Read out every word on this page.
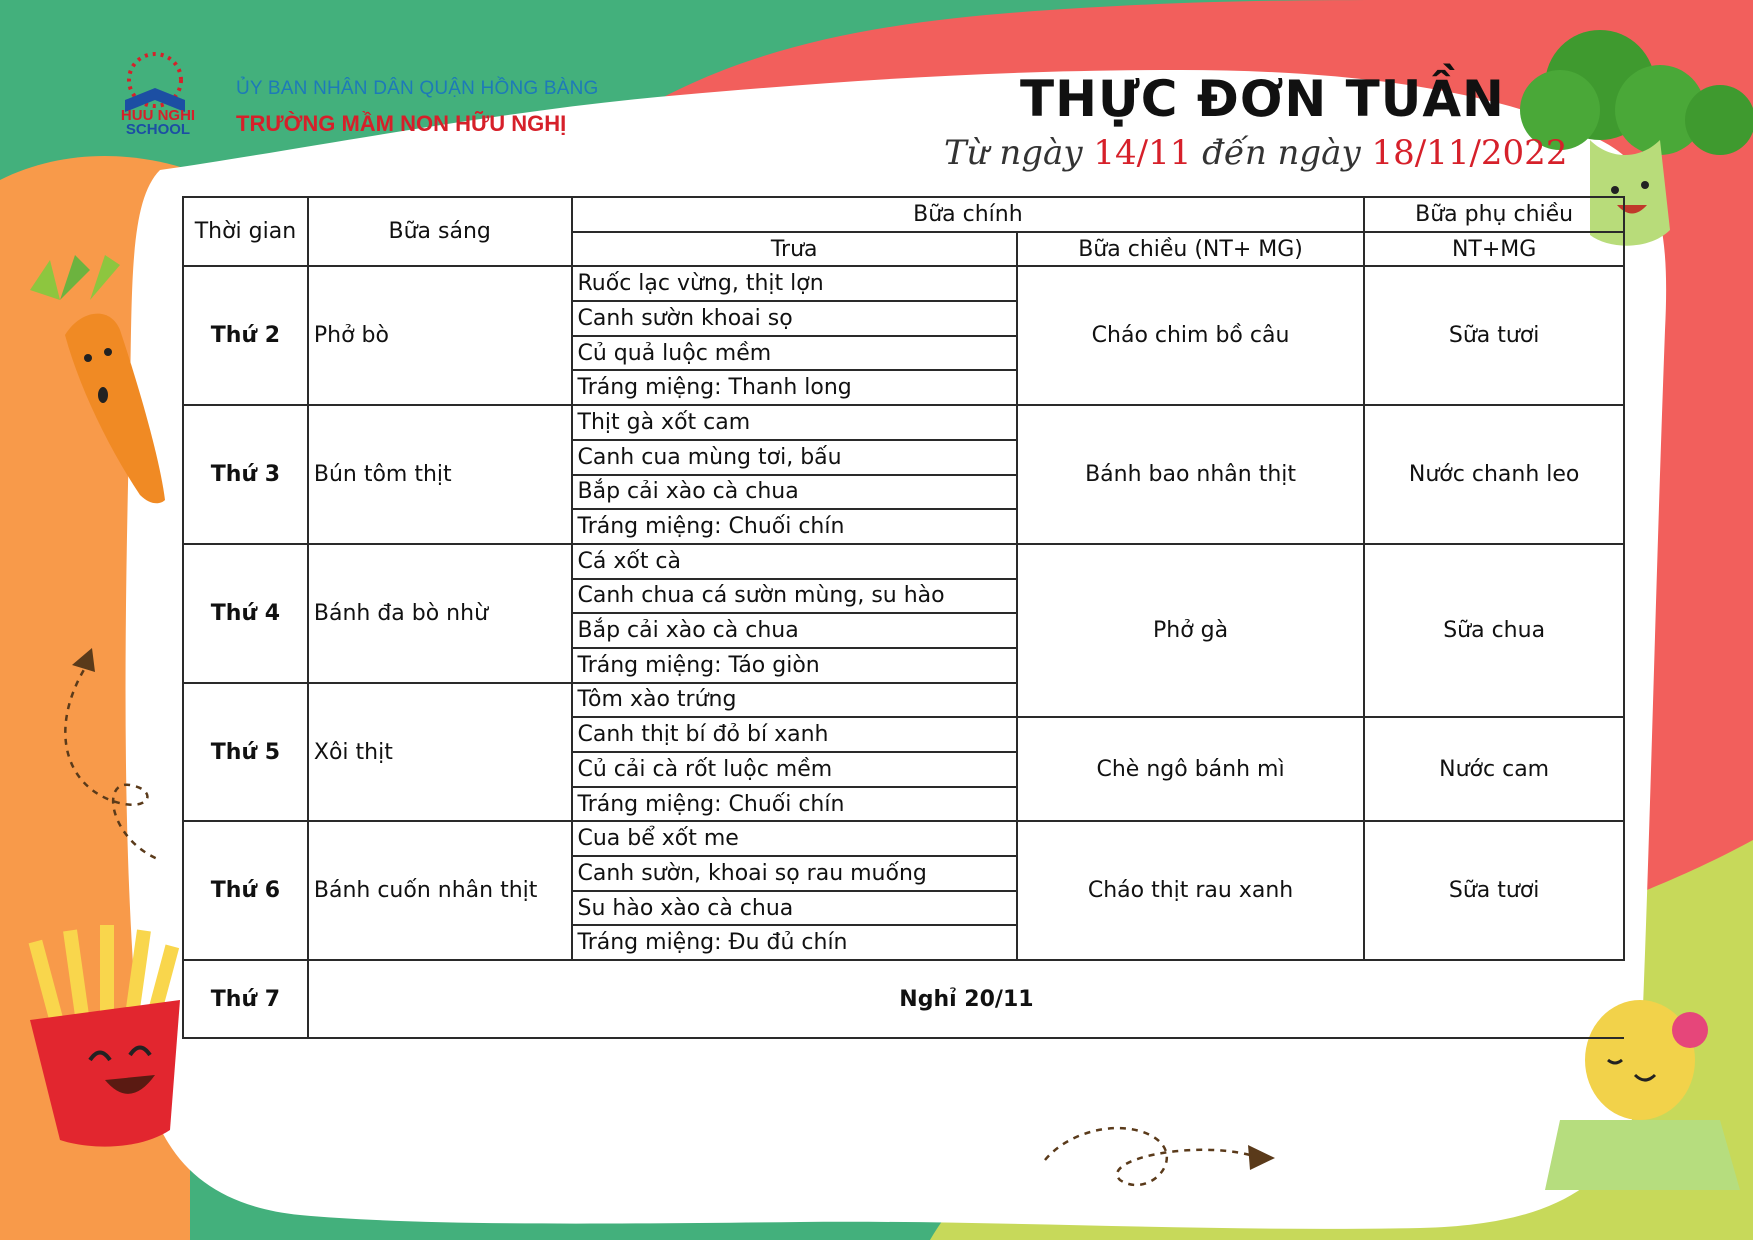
HUU NGHI
SCHOOL
ỦY BAN NHÂN DÂN QUẬN HỒNG BÀNG
TRƯỜNG MẦM NON HỮU NGHỊ	THỰC ĐƠN TUẦN
Từ ngày 14/11 đến ngày 18/11/2022
Thời gian	Bữa sáng	Bữa chính		Bữa phụ chiều
		Trưa	Bữa chiều (NT+ MG)	NT+MG
Thứ 2	Phở bò	Ruốc lạc vừng, thịt lợn	Cháo chim bồ câu	Sữa tươi
		Canh sườn khoai sọ		
		Củ quả luộc mềm		
		Tráng miệng: Thanh long		
Thứ 3	Bún tôm thịt	Thịt gà xốt cam	Bánh bao nhân thịt	Nước chanh leo
		Canh cua mùng tơi, bấu		
		Bắp cải xào cà chua		
		Tráng miệng: Chuối chín		
Thứ 4	Bánh đa bò nhừ	Cá xốt cà	Phở gà	Sữa chua
		Canh chua cá sườn mùng, su hào		
		Bắp cải xào cà chua		
		Tráng miệng: Táo giòn		
Thứ 5	Xôi thịt	Tôm xào trứng		
		Canh thịt bí đỏ bí xanh	Chè ngô bánh mì	Nước cam
		Củ cải cà rốt luộc mềm		
		Tráng miệng: Chuối chín		
Thứ 6	Bánh cuốn nhân thịt	Cua bể xốt me	Cháo thịt rau xanh	Sữa tươi
		Canh sườn, khoai sọ rau muống		
		Su hào xào cà chua		
		Tráng miệng: Đu đủ chín		
Thứ 7	Nghỉ 20/11			
